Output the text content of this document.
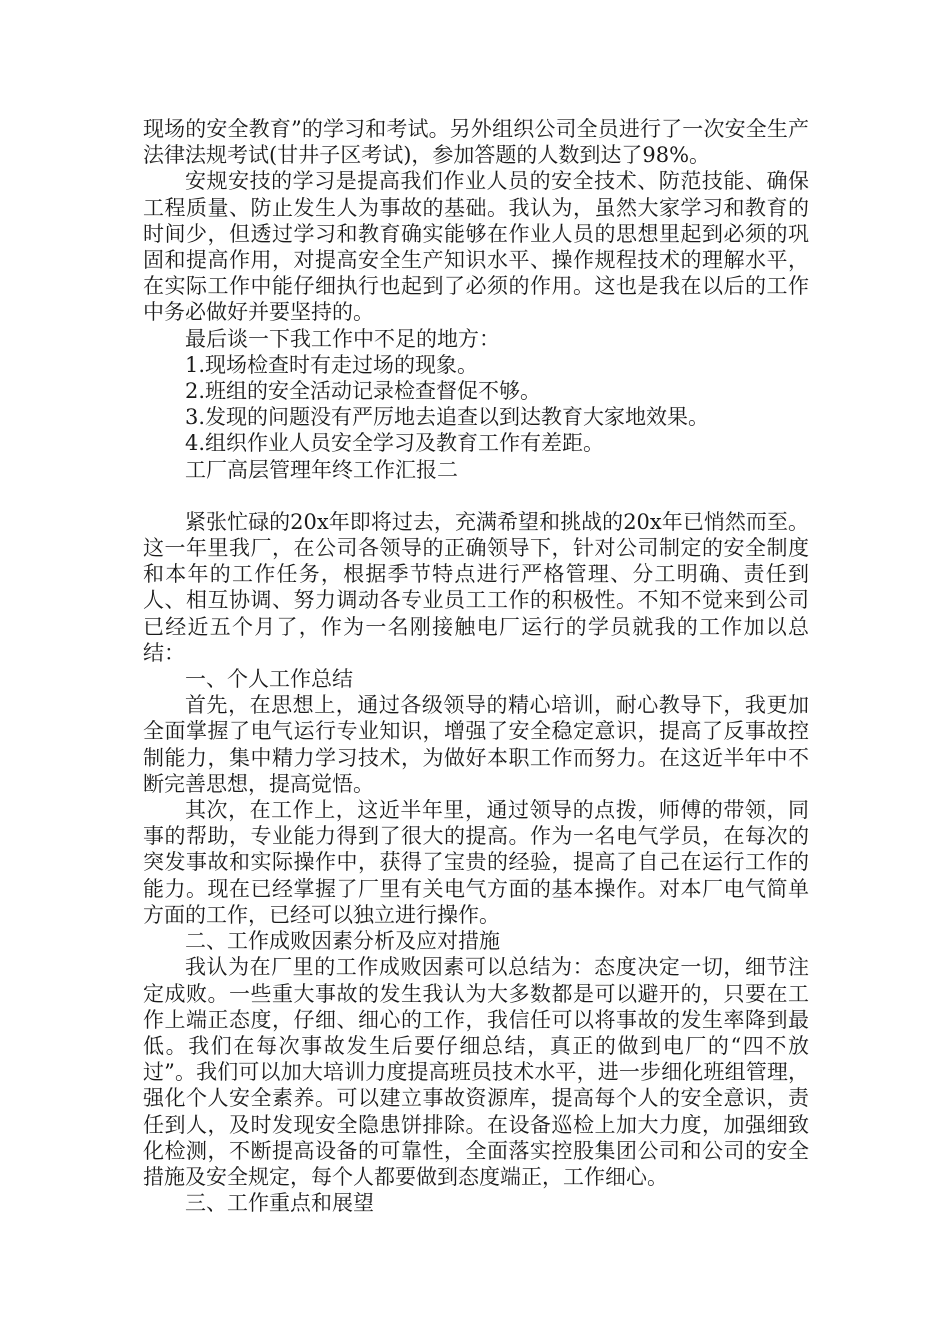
现场的安全教育”的学习和考试。另外组织公司全员进行了一次安全生产法律法规考试(甘井子区考试)，参加答题的人数到达了98%。

安规安技的学习是提高我们作业人员的安全技术、防范技能、确保工程质量、防止发生人为事故的基础。我认为，虽然大家学习和教育的时间少，但透过学习和教育确实能够在作业人员的思想里起到必须的巩固和提高作用，对提高安全生产知识水平、操作规程技术的理解水平，在实际工作中能仔细执行也起到了必须的作用。这也是我在以后的工作中务必做好并要坚持的。

最后谈一下我工作中不足的地方：

1.现场检查时有走过场的现象。

2.班组的安全活动记录检查督促不够。

3.发现的问题没有严厉地去追查以到达教育大家地效果。

4.组织作业人员安全学习及教育工作有差距。

工厂高层管理年终工作汇报二

紧张忙碌的20x年即将过去，充满希望和挑战的20x年已悄然而至。这一年里我厂，在公司各领导的正确领导下，针对公司制定的安全制度和本年的工作任务，根据季节特点进行严格管理、分工明确、责任到人、相互协调、努力调动各专业员工工作的积极性。不知不觉来到公司已经近五个月了，作为一名刚接触电厂运行的学员就我的工作加以总结：

一、个人工作总结

首先，在思想上，通过各级领导的精心培训，耐心教导下，我更加全面掌握了电气运行专业知识，增强了安全稳定意识，提高了反事故控制能力，集中精力学习技术，为做好本职工作而努力。在这近半年中不断完善思想，提高觉悟。

其次，在工作上，这近半年里，通过领导的点拨，师傅的带领，同事的帮助，专业能力得到了很大的提高。作为一名电气学员，在每次的突发事故和实际操作中，获得了宝贵的经验，提高了自己在运行工作的能力。现在已经掌握了厂里有关电气方面的基本操作。对本厂电气简单方面的工作，已经可以独立进行操作。

二、工作成败因素分析及应对措施

我认为在厂里的工作成败因素可以总结为：态度决定一切，细节注定成败。一些重大事故的发生我认为大多数都是可以避开的，只要在工作上端正态度，仔细、细心的工作，我信任可以将事故的发生率降到最低。我们在每次事故发生后要仔细总结，真正的做到电厂的“四不放过”。我们可以加大培训力度提高班员技术水平，进一步细化班组管理，强化个人安全素养。可以建立事故资源库，提高每个人的安全意识，责任到人，及时发现安全隐患饼排除。在设备巡检上加大力度，加强细致化检测，不断提高设备的可靠性，全面落实控股集团公司和公司的安全措施及安全规定，每个人都要做到态度端正，工作细心。

三、工作重点和展望
